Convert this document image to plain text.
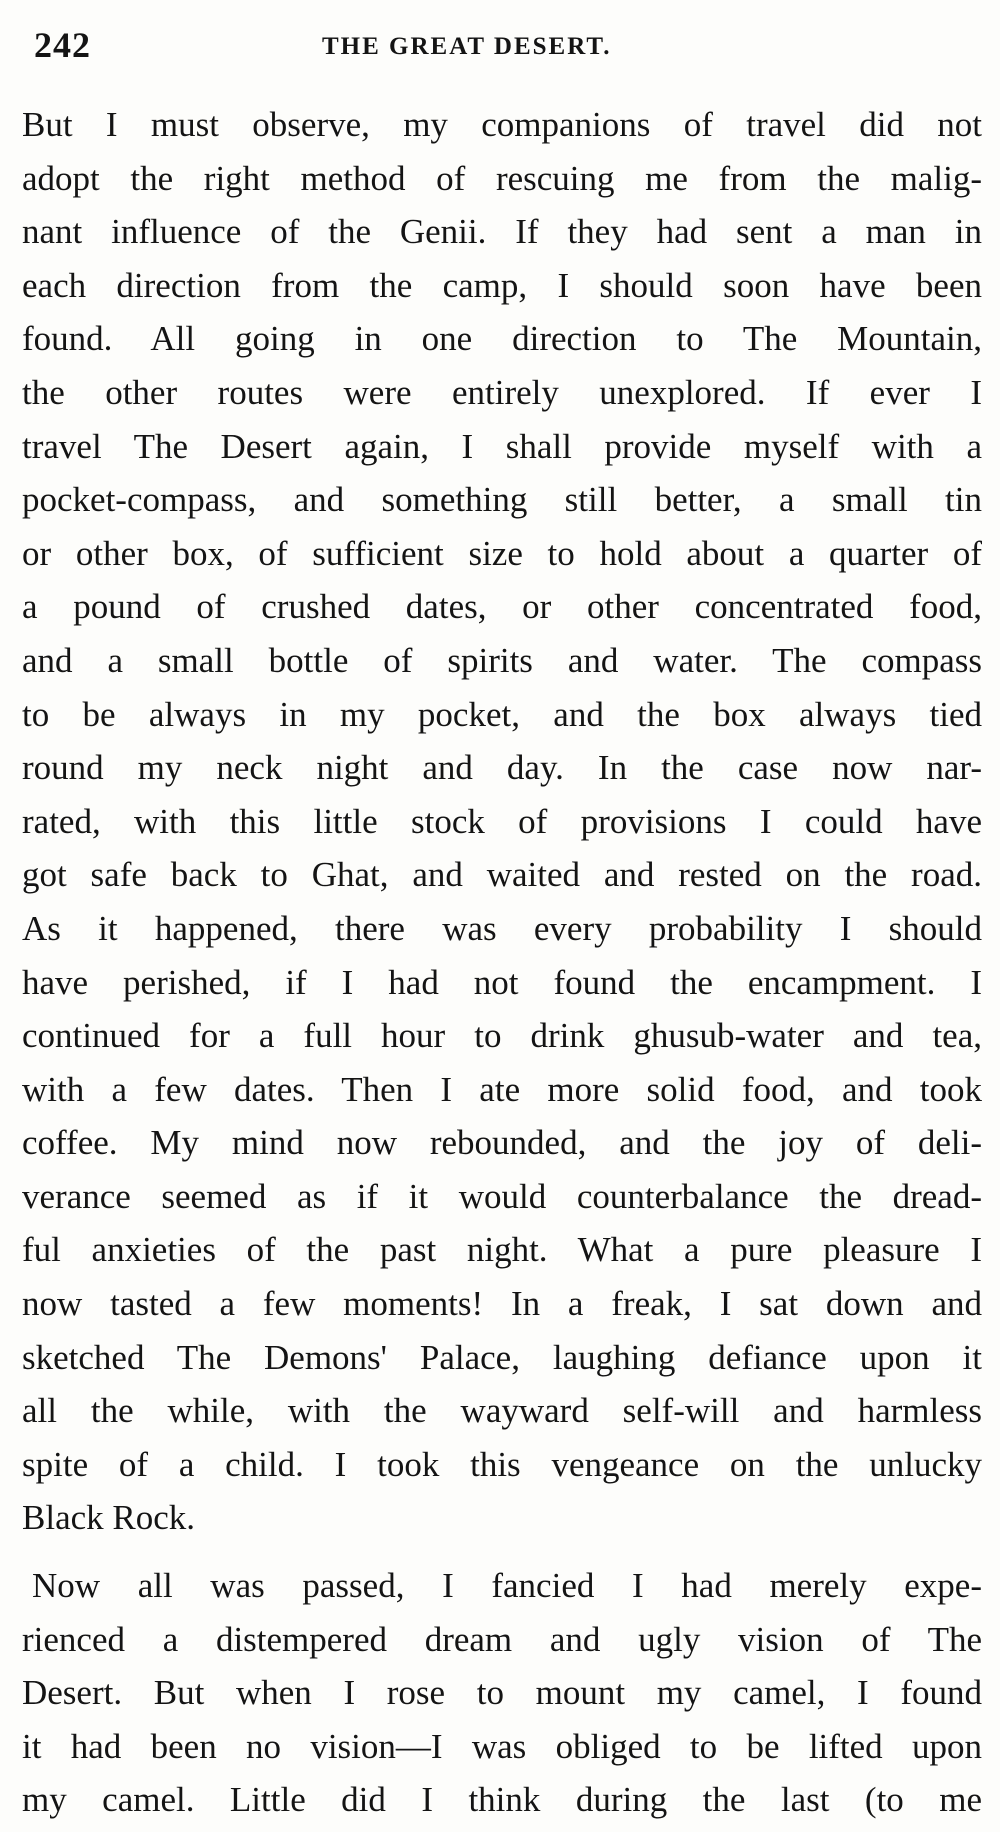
242	THE GREAT DESERT.
But I must observe, my companions of travel did not
adopt the right method of rescuing me from the malig-
nant influence of the Genii. If they had sent a man in
each direction from the camp, I should soon have been
found. All going in one direction to The Mountain,
the other routes were entirely unexplored. If ever I
travel The Desert again, I shall provide myself with a
pocket-compass, and something still better, a small tin
or other box, of sufficient size to hold about a quarter of
a pound of crushed dates, or other concentrated food,
and a small bottle of spirits and water. The compass
to be always in my pocket, and the box always tied
round my neck night and day. In the case now nar-
rated, with this little stock of provisions I could have
got safe back to Ghat, and waited and rested on the road.
As it happened, there was every probability I should
have perished, if I had not found the encampment. I
continued for a full hour to drink ghusub-water and tea,
with a few dates. Then I ate more solid food, and took
coffee. My mind now rebounded, and the joy of deli-
verance seemed as if it would counterbalance the dread-
ful anxieties of the past night. What a pure pleasure I
now tasted a few moments! In a freak, I sat down and
sketched The Demons' Palace, laughing defiance upon it
all the while, with the wayward self-will and harmless
spite of a child. I took this vengeance on the unlucky
Black Rock.
Now all was passed, I fancied I had merely expe-
rienced a distempered dream and ugly vision of The
Desert. But when I rose to mount my camel, I found
it had been no vision—I was obliged to be lifted upon
my camel. Little did I think during the last (to me
